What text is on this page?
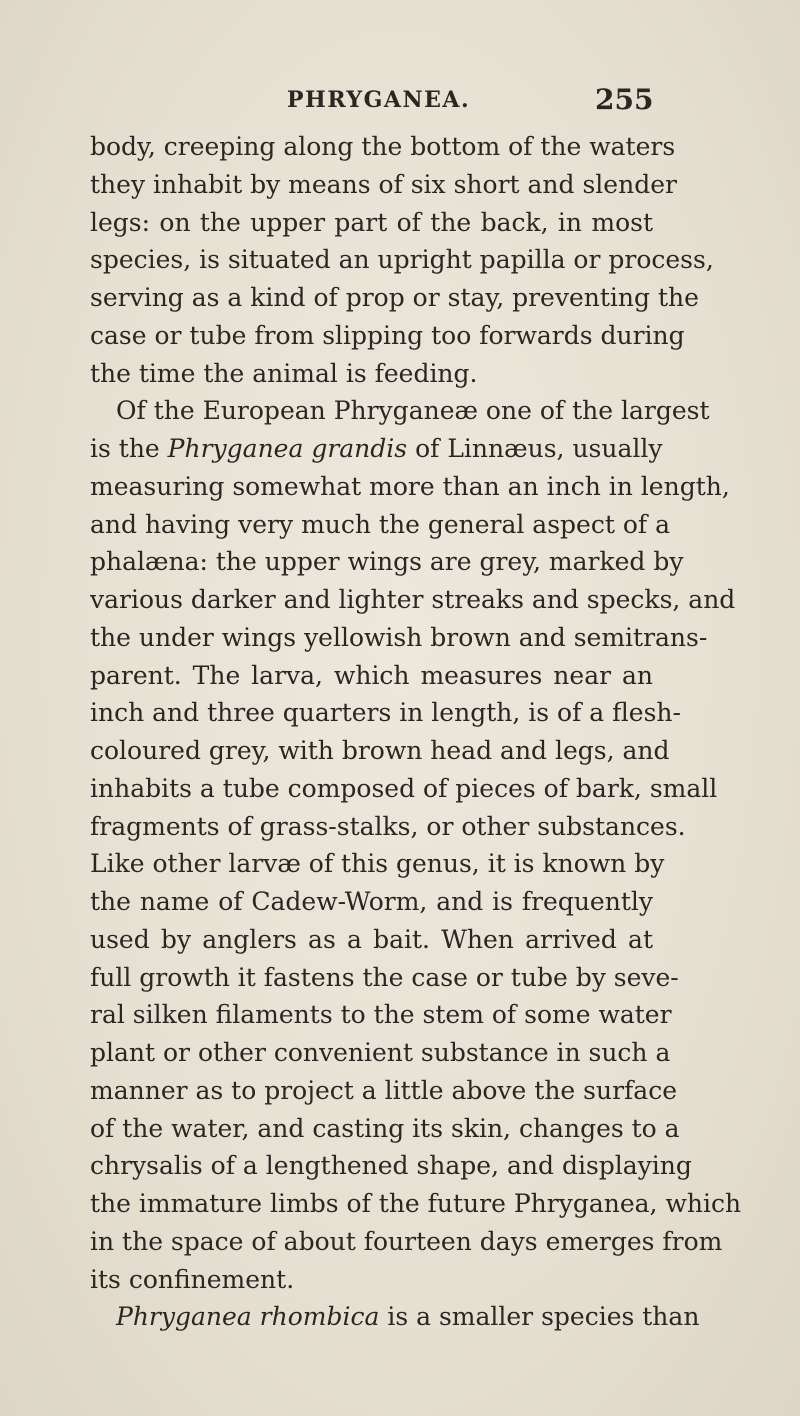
PHRYGANEA.	255
body, creeping along the bottom of the waters
they inhabit by means of six short and slender
legs: on the upper part of the back, in most
species, is situated an upright papilla or process,
serving as a kind of prop or stay, preventing the
case or tube from slipping too forwards during
the time the animal is feeding.
Of the European Phryganeæ one of the largest
is the Phryganea grandis of Linnæus, usually
measuring somewhat more than an inch in length,
and having very much the general aspect of a
phalæna: the upper wings are grey, marked by
various darker and lighter streaks and specks, and
the under wings yellowish brown and semitrans-
parent. The larva, which measures near an
inch and three quarters in length, is of a flesh-
coloured grey, with brown head and legs, and
inhabits a tube composed of pieces of bark, small
fragments of grass-stalks, or other substances.
Like other larvæ of this genus, it is known by
the name of Cadew-Worm, and is frequently
used by anglers as a bait. When arrived at
full growth it fastens the case or tube by seve-
ral silken filaments to the stem of some water
plant or other convenient substance in such a
manner as to project a little above the surface
of the water, and casting its skin, changes to a
chrysalis of a lengthened shape, and displaying
the immature limbs of the future Phryganea, which
in the space of about fourteen days emerges from
its confinement.
Phryganea rhombica is a smaller species than
